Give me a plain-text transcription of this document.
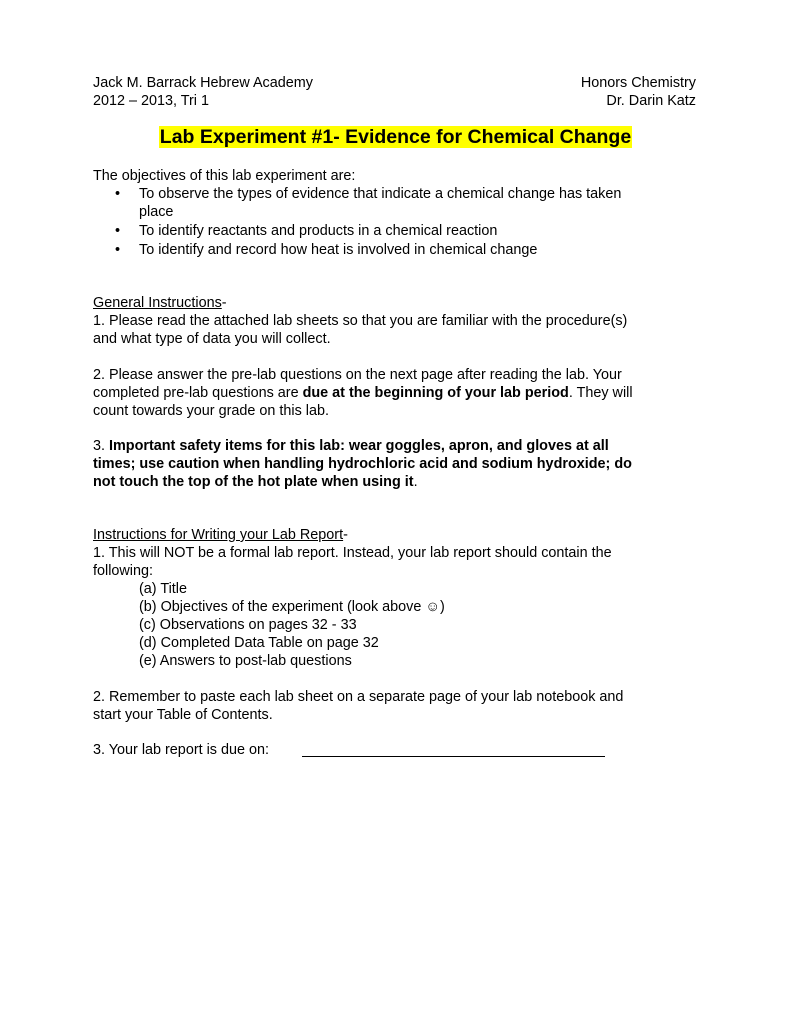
Jack M. Barrack Hebrew Academy
2012 – 2013, Tri 1
Honors Chemistry
Dr. Darin Katz
Lab Experiment #1- Evidence for Chemical Change
The objectives of this lab experiment are:
• To observe the types of evidence that indicate a chemical change has taken
place
• To identify reactants and products in a chemical reaction
• To identify and record how heat is involved in chemical change
General Instructions-
1. Please read the attached lab sheets so that you are familiar with the procedure(s)
and what type of data you will collect.
2. Please answer the pre-lab questions on the next page after reading the lab. Your
completed pre-lab questions are due at the beginning of your lab period. They will
count towards your grade on this lab.
3. Important safety items for this lab: wear goggles, apron, and gloves at all
times; use caution when handling hydrochloric acid and sodium hydroxide; do
not touch the top of the hot plate when using it.
Instructions for Writing your Lab Report-
1. This will NOT be a formal lab report. Instead, your lab report should contain the
following:
(a) Title
(b) Objectives of the experiment (look above ☺)
(c) Observations on pages 32 - 33
(d) Completed Data Table on page 32
(e) Answers to post-lab questions
2. Remember to paste each lab sheet on a separate page of your lab notebook and
start your Table of Contents.
3. Your lab report is due on:
